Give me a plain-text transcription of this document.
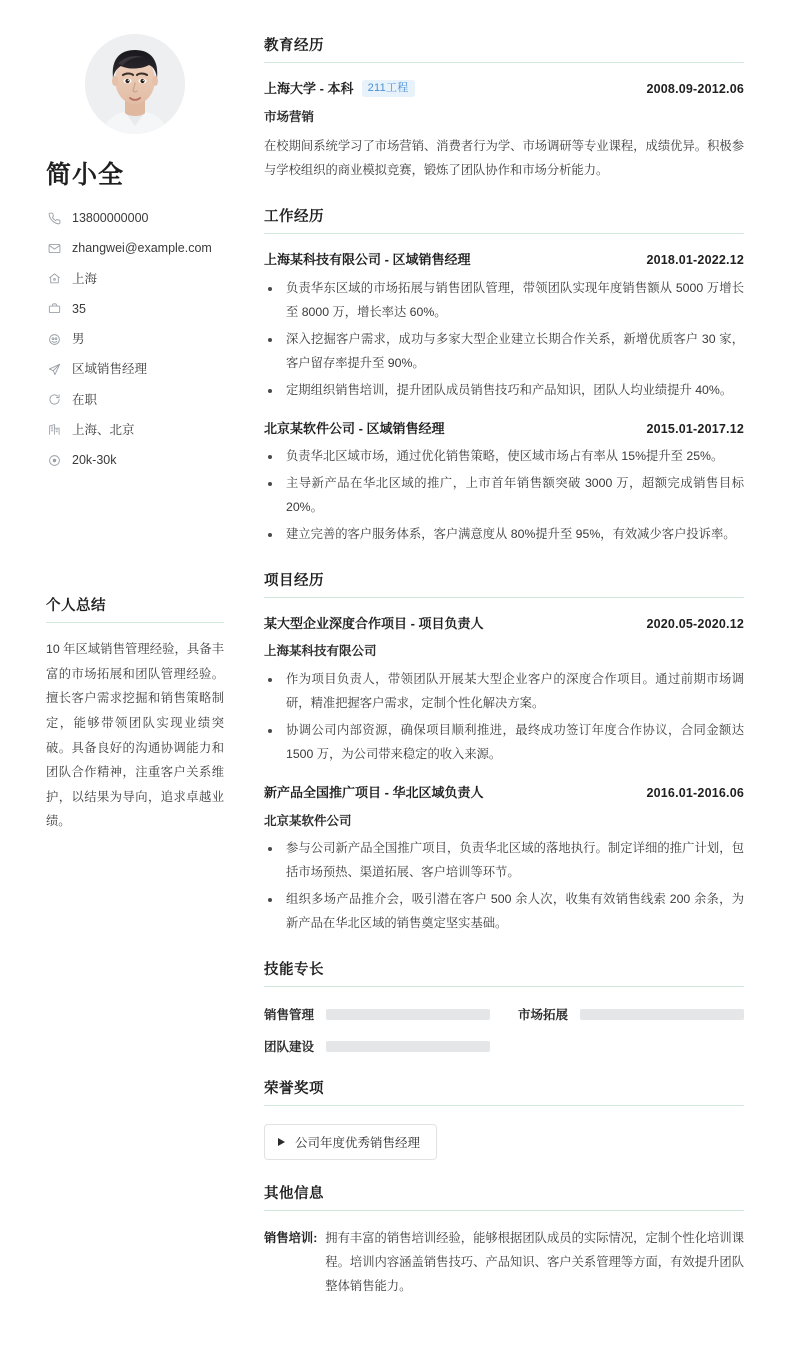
简小全
13800000000
zhangwei@example.com
上海
35
男
区域销售经理
在职
上海、北京
20k-30k
个人总结

10 年区域销售管理经验，具备丰富的市场拓展和团队管理经验。擅长客户需求挖掘和销售策略制定，能够带领团队实现业绩突破。具备良好的沟通协调能力和团队合作精神，注重客户关系维护，以结果为导向，追求卓越业绩。

教育经历
上海大学 - 本科	211工程	2008.09-2012.06
市场营销

在校期间系统学习了市场营销、消费者行为学、市场调研等专业课程，成绩优异。积极参与学校组织的商业模拟竞赛，锻炼了团队协作和市场分析能力。

工作经历
上海某科技有限公司 - 区域销售经理	2018.01-2022.12
负责华东区域的市场拓展与销售团队管理，带领团队实现年度销售额从 5000 万增长至 8000 万，增长率达 60%。
深入挖掘客户需求，成功与多家大型企业建立长期合作关系，新增优质客户 30 家，客户留存率提升至 90%。
定期组织销售培训，提升团队成员销售技巧和产品知识，团队人均业绩提升 40%。
北京某软件公司 - 区域销售经理	2015.01-2017.12
负责华北区域市场，通过优化销售策略，使区域市场占有率从 15%提升至 25%。
主导新产品在华北区域的推广，上市首年销售额突破 3000 万，超额完成销售目标 20%。
建立完善的客户服务体系，客户满意度从 80%提升至 95%，有效减少客户投诉率。
项目经历
某大型企业深度合作项目 - 项目负责人	2020.05-2020.12
上海某科技有限公司
作为项目负责人，带领团队开展某大型企业客户的深度合作项目。通过前期市场调研，精准把握客户需求，定制个性化解决方案。
协调公司内部资源，确保项目顺利推进，最终成功签订年度合作协议，合同金额达 1500 万，为公司带来稳定的收入来源。
新产品全国推广项目 - 华北区域负责人	2016.01-2016.06
北京某软件公司
参与公司新产品全国推广项目，负责华北区域的落地执行。制定详细的推广计划，包括市场预热、渠道拓展、客户培训等环节。
组织多场产品推介会，吸引潜在客户 500 余人次，收集有效销售线索 200 余条，为新产品在华北区域的销售奠定坚实基础。
技能专长
销售管理	市场拓展
团队建设
荣誉奖项
公司年度优秀销售经理
其他信息
销售培训: 拥有丰富的销售培训经验，能够根据团队成员的实际情况，定制个性化培训课程。培训内容涵盖销售技巧、产品知识、客户关系管理等方面，有效提升团队整体销售能力。
